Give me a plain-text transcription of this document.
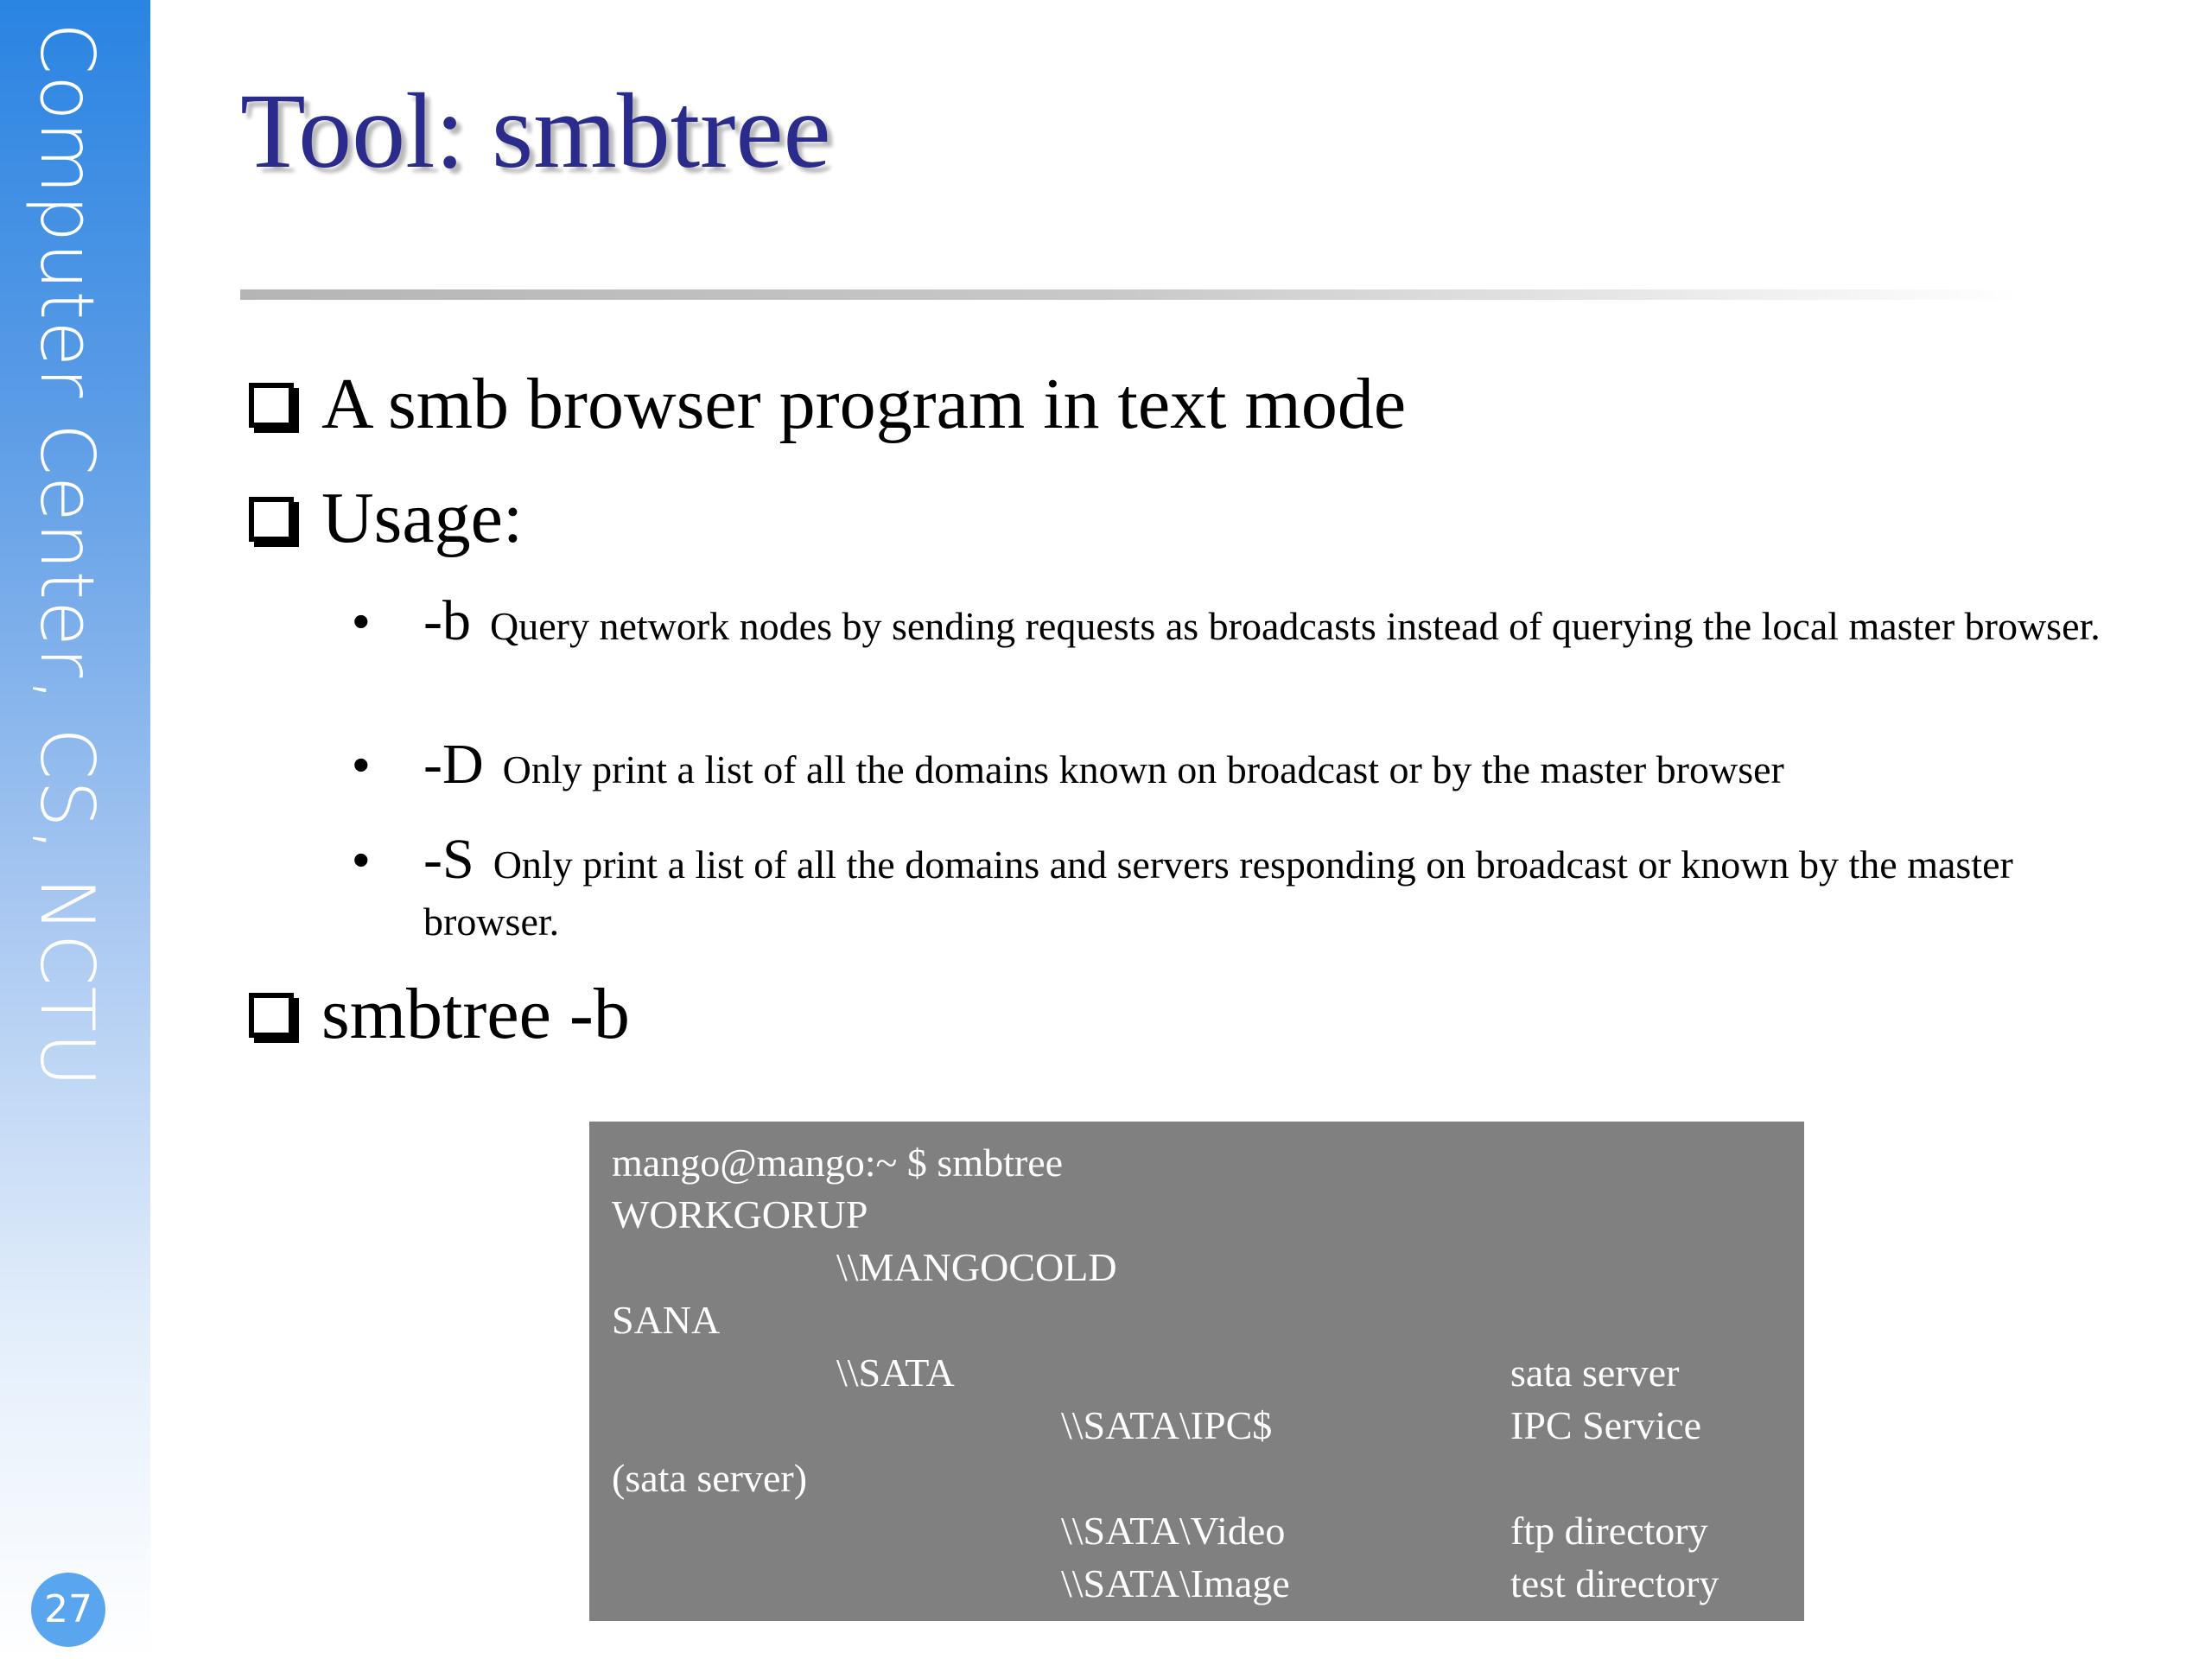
Computer Center, CS, NCTU
27
Tool: smbtree
A smb browser program in text mode
Usage:
• -b Query network nodes by sending requests as broadcasts instead of querying the local master browser.
• -D Only print a list of all the domains known on broadcast or by the master browser
• -S Only print a list of all the domains and servers responding on broadcast or known by the master browser.
smbtree -b
mango@mango:~ $ smbtree
WORKGORUP
\\MANGOCOLD
SANA
\\SATA	sata server
\\SATA\IPC$	IPC Service
(sata server)
\\SATA\Video	ftp directory
\\SATA\Image	test directory
